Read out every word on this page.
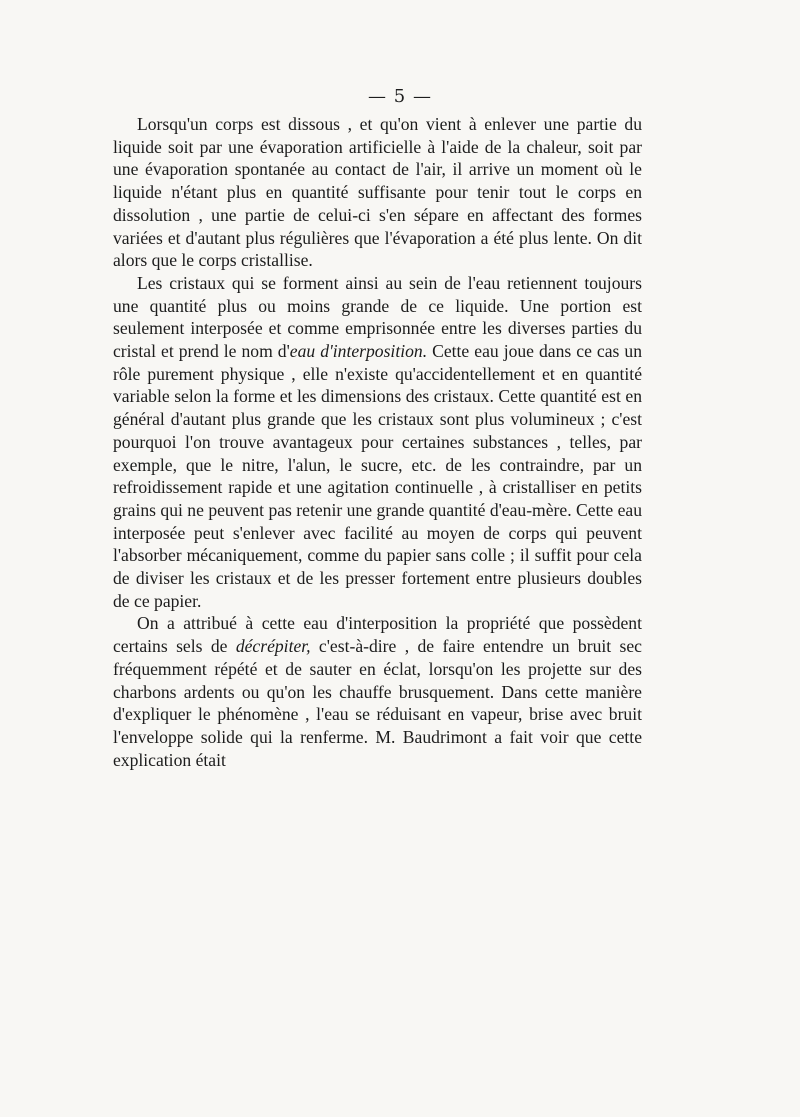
— 5 —

Lorsqu'un corps est dissous , et qu'on vient à enlever une partie du liquide soit par une évaporation artificielle à l'aide de la chaleur, soit par une évaporation spontanée au contact de l'air, il arrive un moment où le liquide n'étant plus en quantité suffisante pour tenir tout le corps en dissolution , une partie de celui-ci s'en sépare en affectant des formes variées et d'autant plus régulières que l'évaporation a été plus lente. On dit alors que le corps cristallise.

Les cristaux qui se forment ainsi au sein de l'eau retiennent toujours une quantité plus ou moins grande de ce liquide. Une portion est seulement interposée et comme emprisonnée entre les diverses parties du cristal et prend le nom d'eau d'interposition. Cette eau joue dans ce cas un rôle purement physique , elle n'existe qu'accidentellement et en quantité variable selon la forme et les dimensions des cristaux. Cette quantité est en général d'autant plus grande que les cristaux sont plus volumineux ; c'est pourquoi l'on trouve avantageux pour certaines substances , telles, par exemple, que le nitre, l'alun, le sucre, etc. de les contraindre, par un refroidissement rapide et une agitation continuelle , à cristalliser en petits grains qui ne peuvent pas retenir une grande quantité d'eau-mère. Cette eau interposée peut s'enlever avec facilité au moyen de corps qui peuvent l'absorber mécaniquement, comme du papier sans colle ; il suffit pour cela de diviser les cristaux et de les presser fortement entre plusieurs doubles de ce papier.

On a attribué à cette eau d'interposition la propriété que possèdent certains sels de décrépiter, c'est-à-dire , de faire entendre un bruit sec fréquemment répété et de sauter en éclat, lorsqu'on les projette sur des charbons ardents ou qu'on les chauffe brusquement. Dans cette manière d'expliquer le phénomène , l'eau se réduisant en vapeur, brise avec bruit l'enveloppe solide qui la renferme. M. Baudrimont a fait voir que cette explication était
